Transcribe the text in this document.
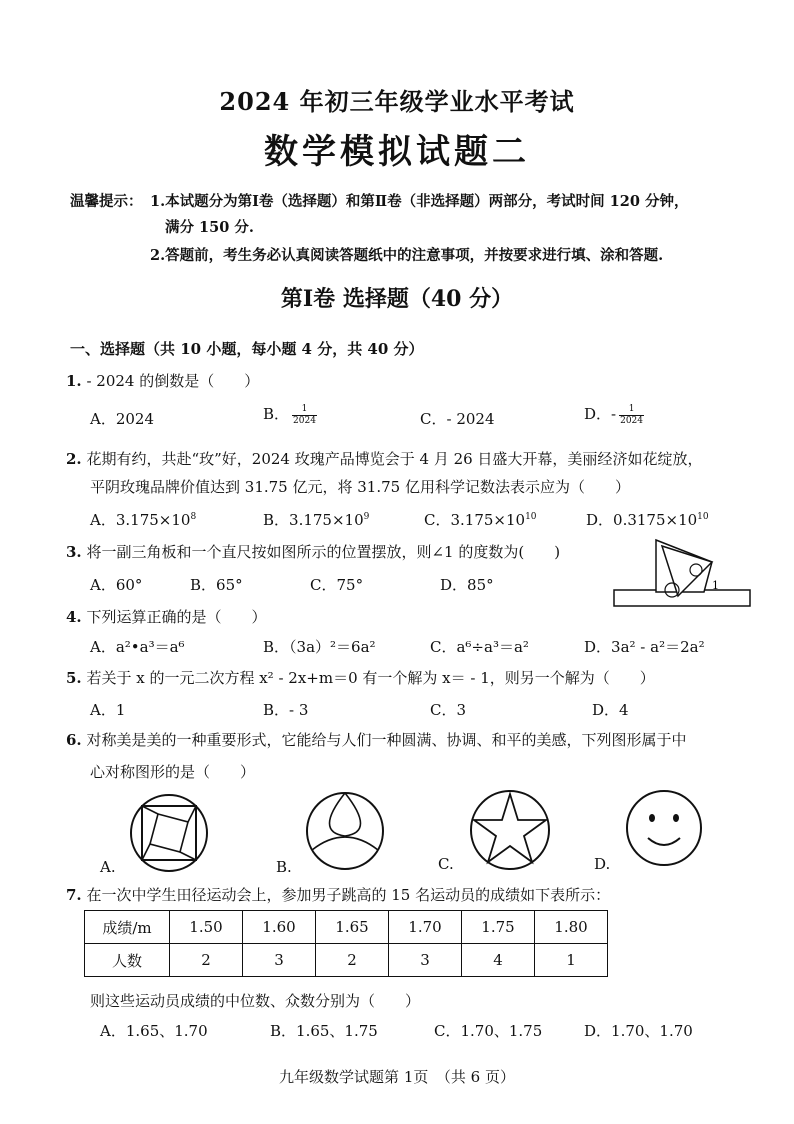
2024 年初三年级学业水平考试
数学模拟试题二
温馨提示： 1.本试题分为第Ⅰ卷（选择题）和第Ⅱ卷（非选择题）两部分，考试时间 120 分钟，
满分 150 分.
2.答题前，考生务必认真阅读答题纸中的注意事项，并按要求进行填、涂和答题.
第Ⅰ卷 选择题（40 分）
一、选择题（共 10 小题，每小题 4 分，共 40 分）
1. - 2024 的倒数是（　　）
A．2024	B． $\frac{1}{2024}$	C．- 2024	D．- $\frac{1}{2024}$
2. 花期有约，共赴“玫”好，2024 玫瑰产品博览会于 4 月 26 日盛大开幕，美丽经济如花绽放，
平阴玫瑰品牌价值达到 31.75 亿元，将 31.75 亿用科学记数法表示应为（　　）
A．$3.175\times 10^8$	B．$3.175\times 10^9$	C．$3.175\times 10^{10}$	D．$0.3175\times 10^{10}$
3. 将一副三角板和一个直尺按如图所示的位置摆放，则∠1 的度数为(　　)
A．60°	B．65°	C．75°	D．85°	1
4. 下列运算正确的是（　　）
A．a²•a³＝a⁶	B．（3a）²＝6a²	C．a⁶÷a³＝a²	D．3a² - a²＝2a²
5. 若关于 x 的一元二次方程 x² - 2x+m＝0 有一个解为 x＝ - 1，则另一个解为（　　）
A．1	B．- 3	C．3	D．4
6. 对称美是美的一种重要形式，它能给与人们一种圆满、协调、和平的美感，下列图形属于中
心对称图形的是（　　）
A.	B.	C.	D.
7. 在一次中学生田径运动会上，参加男子跳高的 15 名运动员的成绩如下表所示：
成绩/m	1.50	1.60	1.65	1.70	1.75	1.80
人数	2	3	2	3	4	1
则这些运动员成绩的中位数、众数分别为（　　）
A．1.65、1.70	B．1.65、1.75	C．1.70、1.75	D．1.70、1.70
九年级数学试题第 1页　（共 6 页）
